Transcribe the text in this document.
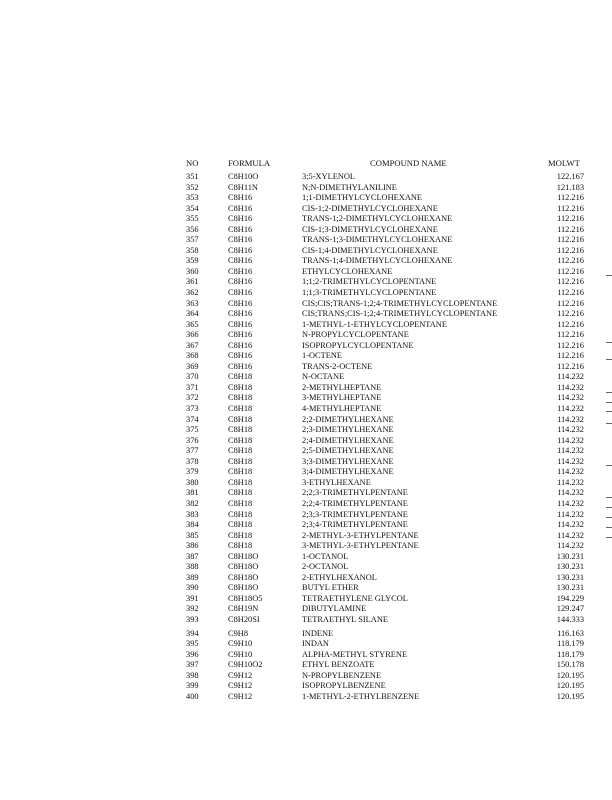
NO	FORMULA	COMPOUND NAME	MOLWT
351	C8H10O	3;5-XYLENOL	122.167
352	C8H11N	N;N-DIMETHYLANILINE	121.183
353	C8H16	1;1-DIMETHYLCYCLOHEXANE	112.216
354	C8H16	CIS-1;2-DIMETHYLCYCLOHEXANE	112.216
355	C8H16	TRANS-1;2-DIMETHYLCYCLOHEXANE	112.216
356	C8H16	CIS-1;3-DIMETHYLCYCLOHEXANE	112.216
357	C8H16	TRANS-1;3-DIMETHYLCYCLOHEXANE	112.216
358	C8H16	CIS-1;4-DIMETHYLCYCLOHEXANE	112.216
359	C8H16	TRANS-1;4-DIMETHYLCYCLOHEXANE	112.216
360	C8H16	ETHYLCYCLOHEXANE	112.216
361	C8H16	1;1;2-TRIMETHYLCYCLOPENTANE	112.216
362	C8H16	1;1;3-TRIMETHYLCYCLOPENTANE	112.216
363	C8H16	CIS;CIS;TRANS-1;2;4-TRIMETHYLCYCLOPENTANE	112.216
364	C8H16	CIS;TRANS;CIS-1;2;4-TRIMETHYLCYCLOPENTANE	112.216
365	C8H16	1-METHYL-1-ETHYLCYCLOPENTANE	112.216
366	C8H16	N-PROPYLCYCLOPENTANE	112.216
367	C8H16	ISOPROPYLCYCLOPENTANE	112.216
368	C8H16	1-OCTENE	112.216
369	C8H16	TRANS-2-OCTENE	112.216
370	C8H18	N-OCTANE	114.232
371	C8H18	2-METHYLHEPTANE	114.232
372	C8H18	3-METHYLHEPTANE	114.232
373	C8H18	4-METHYLHEPTANE	114.232
374	C8H18	2;2-DIMETHYLHEXANE	114.232
375	C8H18	2;3-DIMETHYLHEXANE	114.232
376	C8H18	2;4-DIMETHYLHEXANE	114.232
377	C8H18	2;5-DIMETHYLHEXANE	114.232
378	C8H18	3;3-DIMETHYLHEXANE	114.232
379	C8H18	3;4-DIMETHYLHEXANE	114.232
380	C8H18	3-ETHYLHEXANE	114.232
381	C8H18	2;2;3-TRIMETHYLPENTANE	114.232
382	C8H18	2;2;4-TRIMETHYLPENTANE	114.232
383	C8H18	2;3;3-TRIMETHYLPENTANE	114.232
384	C8H18	2;3;4-TRIMETHYLPENTANE	114.232
385	C8H18	2-METHYL-3-ETHYLPENTANE	114.232
386	C8H18	3-METHYL-3-ETHYLPENTANE	114.232
387	C8H18O	1-OCTANOL	130.231
388	C8H18O	2-OCTANOL	130.231
389	C8H18O	2-ETHYLHEXANOL	130.231
390	C8H18O	BUTYL ETHER	130.231
391	C8H18O5	TETRAETHYLENE GLYCOL	194.229
392	C8H19N	DIBUTYLAMINE	129.247
393	C8H20SI	TETRAETHYL SILANE	144.333
394	C9H8	INDENE	116.163
395	C9H10	INDAN	118.179
396	C9H10	ALPHA-METHYL STYRENE	118.179
397	C9H10O2	ETHYL BENZOATE	150.178
398	C9H12	N-PROPYLBENZENE	120.195
399	C9H12	ISOPROPYLBENZENE	120.195
400	C9H12	1-METHYL-2-ETHYLBENZENE	120.195
